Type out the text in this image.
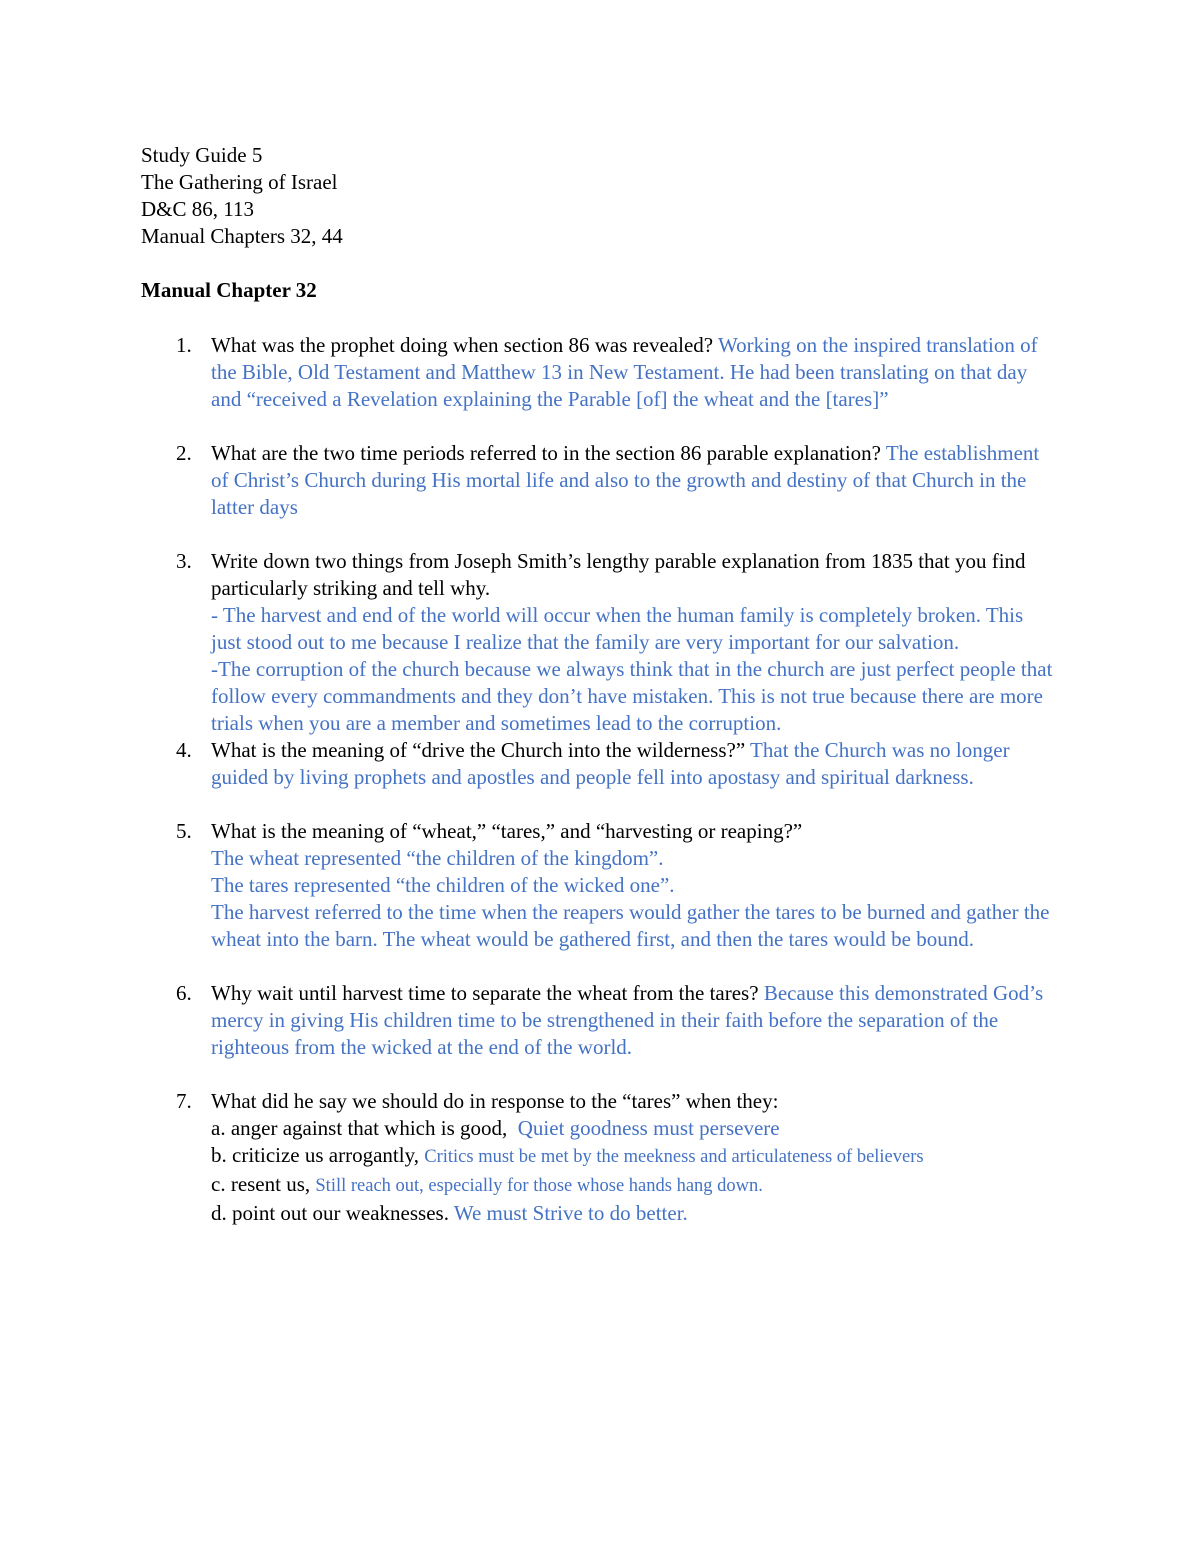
Study Guide 5
The Gathering of Israel
D&C 86, 113
Manual Chapters 32, 44
Manual Chapter 32
1. What was the prophet doing when section 86 was revealed? Working on the inspired translation of the Bible, Old Testament and Matthew 13 in New Testament. He had been translating on that day and “received a Revelation explaining the Parable [of] the wheat and the [tares]”
2. What are the two time periods referred to in the section 86 parable explanation? The establishment of Christ’s Church during His mortal life and also to the growth and destiny of that Church in the latter days
3. Write down two things from Joseph Smith’s lengthy parable explanation from 1835 that you find particularly striking and tell why.
- The harvest and end of the world will occur when the human family is completely broken. This just stood out to me because I realize that the family are very important for our salvation.
-The corruption of the church because we always think that in the church are just perfect people that follow every commandments and they don’t have mistaken. This is not true because there are more trials when you are a member and sometimes lead to the corruption.
4. What is the meaning of “drive the Church into the wilderness?” That the Church was no longer guided by living prophets and apostles and people fell into apostasy and spiritual darkness.
5. What is the meaning of “wheat,” “tares,” and “harvesting or reaping?”
The wheat represented “the children of the kingdom”.
The tares represented “the children of the wicked one”.
The harvest referred to the time when the reapers would gather the tares to be burned and gather the wheat into the barn. The wheat would be gathered first, and then the tares would be bound.
6. Why wait until harvest time to separate the wheat from the tares? Because this demonstrated God’s mercy in giving His children time to be strengthened in their faith before the separation of the righteous from the wicked at the end of the world.
7. What did he say we should do in response to the “tares” when they:
a. anger against that which is good, Quiet goodness must persevere
b. criticize us arrogantly, Critics must be met by the meekness and articulateness of believers
c. resent us, Still reach out, especially for those whose hands hang down.
d. point out our weaknesses. We must Strive to do better.
